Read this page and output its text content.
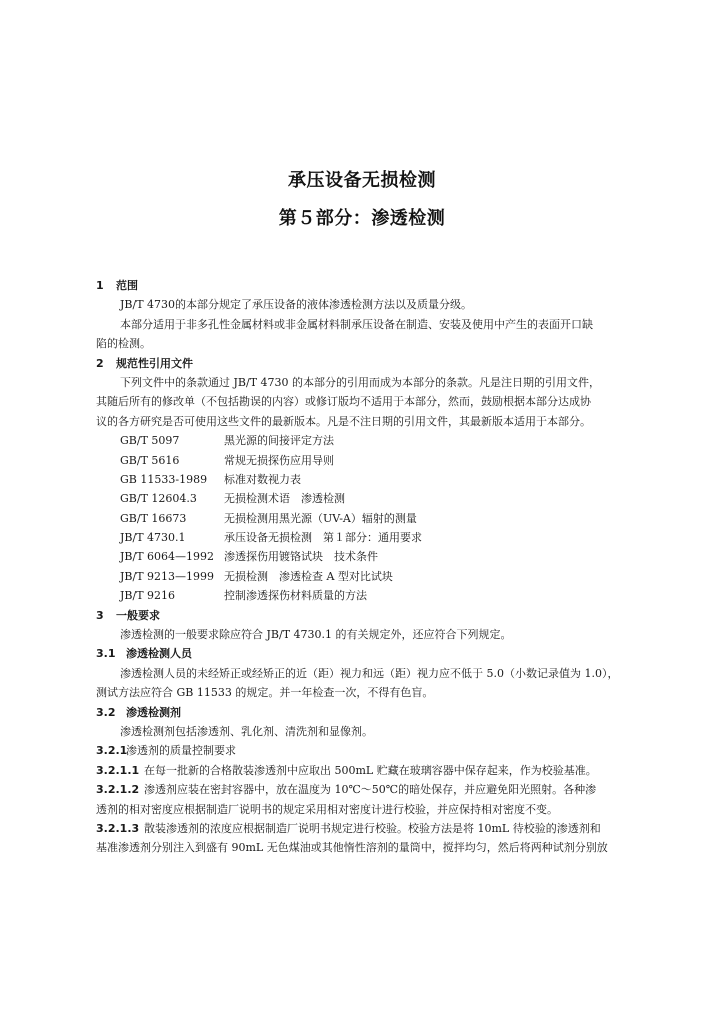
承压设备无损检测
第５部分：渗透检测
1 范围
JB/T 4730的本部分规定了承压设备的液体渗透检测方法以及质量分级。
本部分适用于非多孔性金属材料或非金属材料制承压设备在制造、安装及使用中产生的表面开口缺
陷的检测。
2 规范性引用文件
下列文件中的条款通过 JB/T 4730 的本部分的引用而成为本部分的条款。凡是注日期的引用文件，
其随后所有的修改单（不包括勘误的内容）或修订版均不适用于本部分，然而，鼓励根据本部分达成协
议的各方研究是否可使用这些文件的最新版本。凡是不注日期的引用文件，其最新版本适用于本部分。
GB/T 5097	黑光源的间接评定方法
GB/T 5616	常规无损探伤应用导则
GB 11533-1989 标准对数视力表
GB/T 12604.3 无损检测术语　渗透检测
GB/T 16673	无损检测用黑光源（UV-A）辐射的测量
JB/T 4730.1	承压设备无损检测　第１部分：通用要求
JB/T 6064—1992 渗透探伤用镀铬试块　技术条件
JB/T 9213—1999 无损检测　渗透检查 A 型对比试块
JB/T 9216	控制渗透探伤材料质量的方法
3 一般要求
渗透检测的一般要求除应符合 JB/T 4730.1 的有关规定外，还应符合下列规定。
3.1 渗透检测人员
渗透检测人员的未经矫正或经矫正的近（距）视力和远（距）视力应不低于 5.0（小数记录值为 1.0），
测试方法应符合 GB 11533 的规定。并一年检查一次，不得有色盲。
3.2 渗透检测剂
渗透检测剂包括渗透剂、乳化剂、清洗剂和显像剂。
3.2.1渗透剂的质量控制要求
3.2.1.1 在每一批新的合格散装渗透剂中应取出 500mL 贮藏在玻璃容器中保存起来，作为校验基准。
3.2.1.2 渗透剂应装在密封容器中，放在温度为 10℃～50℃的暗处保存，并应避免阳光照射。各种渗
透剂的相对密度应根据制造厂说明书的规定采用相对密度计进行校验，并应保持相对密度不变。
3.2.1.3 散装渗透剂的浓度应根据制造厂说明书规定进行校验。校验方法是将 10mL 待校验的渗透剂和
基准渗透剂分别注入到盛有 90mL 无色煤油或其他惰性溶剂的量筒中，搅拌均匀，然后将两种试剂分别放
